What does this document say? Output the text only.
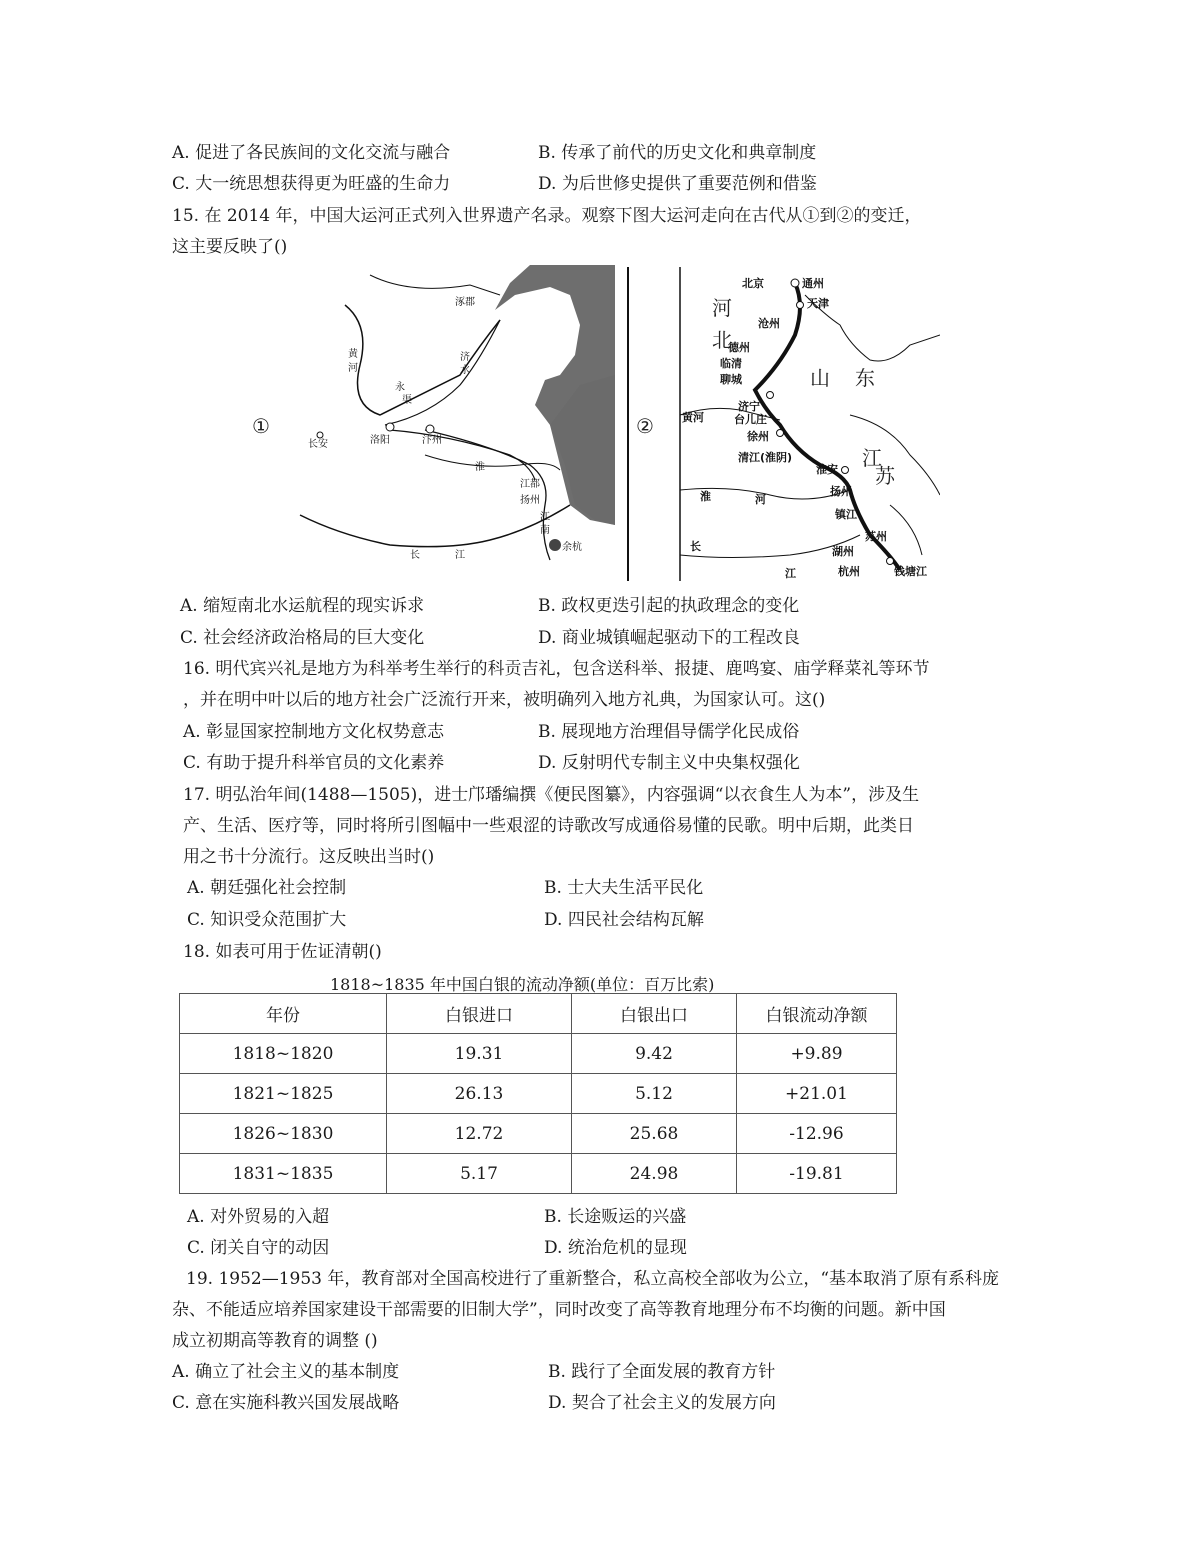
A. 促进了各民族间的文化交流与融合	B. 传承了前代的历史文化和典章制度
C. 大一统思想获得更为旺盛的生命力	D. 为后世修史提供了重要范例和借鉴
15. 在 2014 年，中国大运河正式列入世界遗产名录。观察下图大运河走向在古代从①到②的变迁，
这主要反映了()
①
长安	洛阳	汴州
涿郡
扬州
江都
余杭
黄
河
济
水
永
渠
江
南
长	江
淮
②
北京	通州
天津
沧州
德州
临清
聊城
济宁
台儿庄
徐州
淮安
清江(淮阴)
扬州
镇江
苏州
湖州
杭州	钱塘江
河
北
山 东
江
苏
黄河
淮	河
长
江
A. 缩短南北水运航程的现实诉求	B. 政权更迭引起的执政理念的变化
C. 社会经济政治格局的巨大变化	D. 商业城镇崛起驱动下的工程改良
16. 明代宾兴礼是地方为科举考生举行的科贡吉礼，包含送科举、报捷、鹿鸣宴、庙学释菜礼等环节
，并在明中叶以后的地方社会广泛流行开来，被明确列入地方礼典，为国家认可。这()
A. 彰显国家控制地方文化权势意志	B. 展现地方治理倡导儒学化民成俗
C. 有助于提升科举官员的文化素养	D. 反射明代专制主义中央集权强化
17. 明弘治年间(1488—1505)，进士邝璠编撰《便民图纂》，内容强调“以衣食生人为本”，涉及生
产、生活、医疗等，同时将所引图幅中一些艰涩的诗歌改写成通俗易懂的民歌。明中后期，此类日
用之书十分流行。这反映出当时()
A. 朝廷强化社会控制	B. 士大夫生活平民化
C. 知识受众范围扩大	D. 四民社会结构瓦解
18. 如表可用于佐证清朝()
1818~1835 年中国白银的流动净额(单位：百万比索)
年份	白银进口	白银出口	白银流动净额
1818~1820	19.31	9.42	+9.89
1821~1825	26.13	5.12	+21.01
1826~1830	12.72	25.68	-12.96
1831~1835	5.17	24.98	-19.81
A. 对外贸易的入超	B. 长途贩运的兴盛
C. 闭关自守的动因	D. 统治危机的显现
19. 1952—1953 年，教育部对全国高校进行了重新整合，私立高校全部收为公立，“基本取消了原有系科庞
杂、不能适应培养国家建设干部需要的旧制大学”，同时改变了高等教育地理分布不均衡的问题。新中国
成立初期高等教育的调整 ()
A. 确立了社会主义的基本制度	B. 践行了全面发展的教育方针
C. 意在实施科教兴国发展战略	D. 契合了社会主义的发展方向
